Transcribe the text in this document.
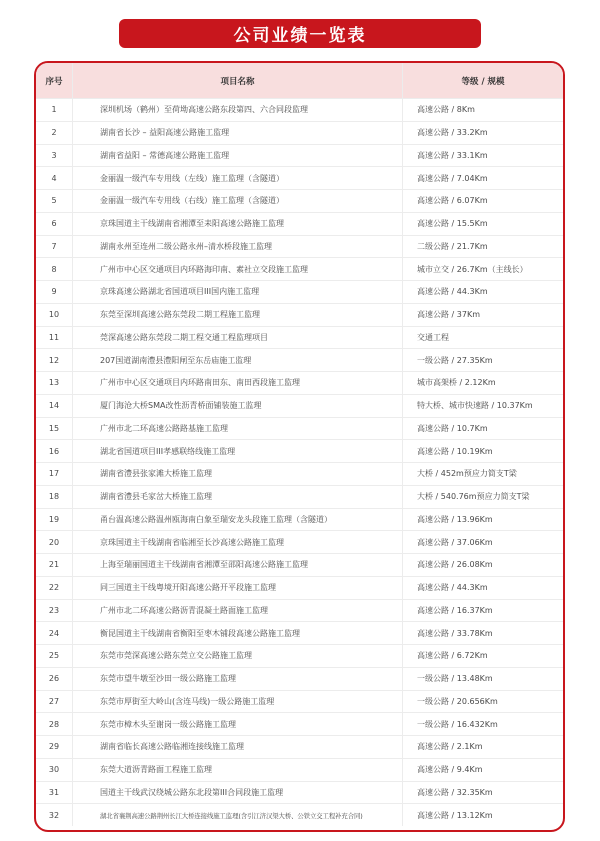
公司业绩一览表
序号	项目名称	等级 / 规模
1	深圳机场（鹤州）至荷坳高速公路东段第四、六合同段监理	高速公路 / 8Km
2	湖南省长沙 – 益阳高速公路施工监理	高速公路 / 33.2Km
3	湖南省益阳 – 常德高速公路施工监理	高速公路 / 33.1Km
4	金丽温一级汽车专用线（左线）施工监理（含隧道）	高速公路 / 7.04Km
5	金丽温一级汽车专用线（右线）施工监理（含隧道）	高速公路 / 6.07Km
6	京珠国道主干线湖南省湘潭至耒阳高速公路施工监理	高速公路 / 15.5Km
7	湖南永州至连州二级公路永州–清水桥段施工监理	二级公路 / 21.7Km
8	广州市中心区交通项目内环路海印南、素社立交段施工监理	城市立交 / 26.7Km（主线长）
9	京珠高速公路湖北省国道项目III国内施工监理	高速公路 / 44.3Km
10	东莞至深圳高速公路东莞段二期工程施工监理	高速公路 / 37Km
11	莞深高速公路东莞段二期工程交通工程监理项目	交通工程
12	207国道湖南澧县澧阳闸至东岳庙施工监理	一级公路 / 27.35Km
13	广州市中心区交通项目内环路南田东、南田西段施工监理	城市高架桥 / 2.12Km
14	厦门海沧大桥SMA改性沥青桥面铺装施工监理	特大桥、城市快速路 / 10.37Km
15	广州市北二环高速公路路基施工监理	高速公路 / 10.7Km
16	湖北省国道项目III孝感联络线施工监理	高速公路 / 10.19Km
17	湖南省澧县张家滩大桥施工监理	大桥 / 452m预应力简支T梁
18	湖南省澧县毛家岔大桥施工监理	大桥 / 540.76m预应力简支T梁
19	甬台温高速公路温州瓯海南白象至瑞安龙头段施工监理（含隧道）	高速公路 / 13.96Km
20	京珠国道主干线湖南省临湘至长沙高速公路施工监理	高速公路 / 37.06Km
21	上海至瑞丽国道主干线湖南省湘潭至邵阳高速公路施工监理	高速公路 / 26.08Km
22	同三国道主干线粤境开阳高速公路开平段施工监理	高速公路 / 44.3Km
23	广州市北二环高速公路沥青混凝土路面施工监理	高速公路 / 16.37Km
24	衡昆国道主干线湖南省衡阳至枣木铺段高速公路施工监理	高速公路 / 33.78Km
25	东莞市莞深高速公路东莞立交公路施工监理	高速公路 / 6.72Km
26	东莞市望牛墩至沙田一级公路施工监理	一级公路 / 13.48Km
27	东莞市厚街至大岭山(含连马线)一级公路施工监理	一级公路 / 20.656Km
28	东莞市樟木头至谢岗一级公路施工监理	一级公路 / 16.432Km
29	湖南省临长高速公路临湘连接线施工监理	高速公路 / 2.1Km
30	东莞大道沥青路面工程施工监理	高速公路 / 9.4Km
31	国道主干线武汉绕城公路东北段第III合同段施工监理	高速公路 / 32.35Km
32	湖北省襄荆高速公路荆州长江大桥连接线施工监理(含引江济汉渠大桥、公铁立交工程补充合同)	高速公路 / 13.12Km
